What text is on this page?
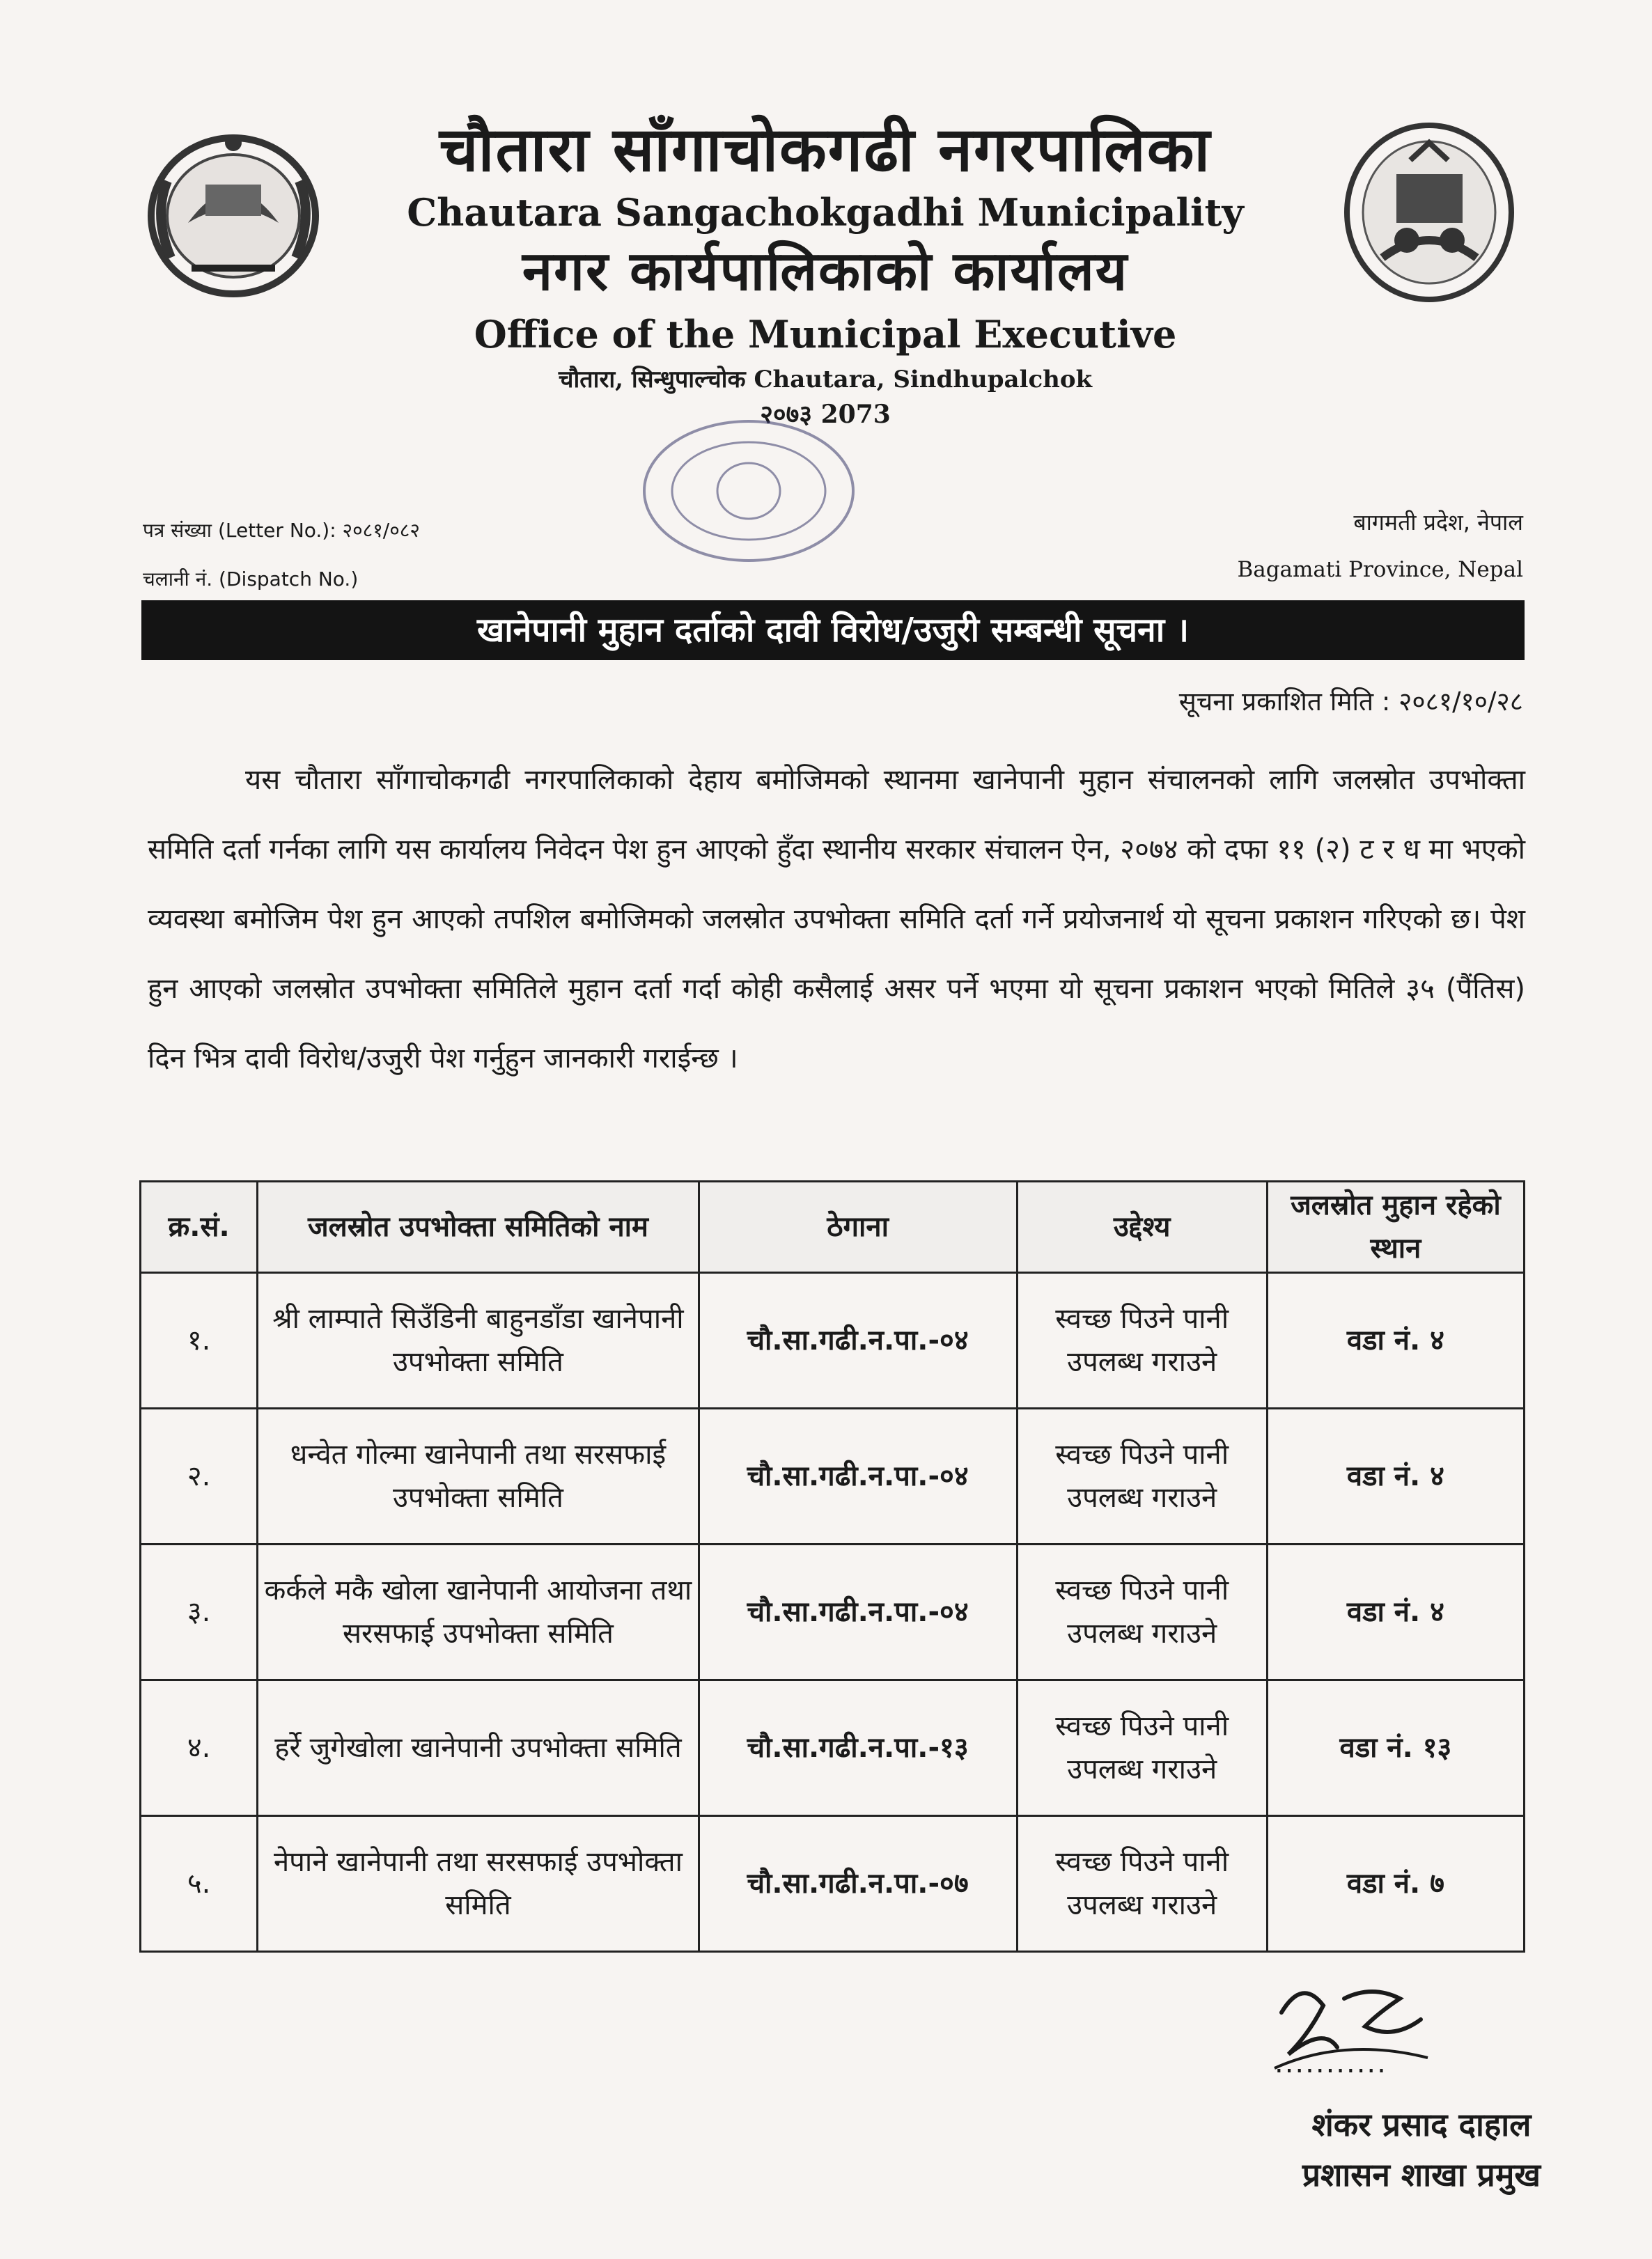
चौतारा साँगाचोकगढी नगरपालिका
Chautara Sangachokgadhi Municipality
नगर कार्यपालिकाको कार्यालय
Office of the Municipal Executive
चौतारा, सिन्धुपाल्चोक Chautara, Sindhupalchok
२०७३ 2073
पत्र संख्या (Letter No.): २०८१/०८२
चलानी नं. (Dispatch No.)
बागमती प्रदेश, नेपाल
Bagamati Province, Nepal
खानेपानी मुहान दर्ताको दावी विरोध/उजुरी सम्बन्धी सूचना ।
सूचना प्रकाशित मिति : २०८१/१०/२८
यस चौतारा साँगाचोकगढी नगरपालिकाको देहाय बमोजिमको स्थानमा खानेपानी मुहान संचालनको लागि जलस्रोत उपभोक्ता समिति दर्ता गर्नका लागि यस कार्यालय निवेदन पेश हुन आएको हुँदा स्थानीय सरकार संचालन ऐन, २०७४ को दफा ११ (२) ट र ध मा भएको व्यवस्था बमोजिम पेश हुन आएको तपशिल बमोजिमको जलस्रोत उपभोक्ता समिति दर्ता गर्ने प्रयोजनार्थ यो सूचना प्रकाशन गरिएको छ। पेश हुन आएको जलस्रोत उपभोक्ता समितिले मुहान दर्ता गर्दा कोही कसैलाई असर पर्ने भएमा यो सूचना प्रकाशन भएको मितिले ३५ (पैंतिस) दिन भित्र दावी विरोध/उजुरी पेश गर्नुहुन जानकारी गराईन्छ ।
क्र.सं.	जलस्रोत उपभोक्ता समितिको नाम	ठेगाना	उद्देश्य	जलस्रोत मुहान रहेको स्थान
१.	श्री लाम्पाते सिउँडिनी बाहुनडाँडा खानेपानी उपभोक्ता समिति	चौ.सा.गढी.न.पा.-०४	स्वच्छ पिउने पानी उपलब्ध गराउने	वडा नं. ४
२.	धन्वेत गोल्मा खानेपानी तथा सरसफाई उपभोक्ता समिति	चौ.सा.गढी.न.पा.-०४	स्वच्छ पिउने पानी उपलब्ध गराउने	वडा नं. ४
३.	कर्कले मकै खोला खानेपानी आयोजना तथा सरसफाई उपभोक्ता समिति	चौ.सा.गढी.न.पा.-०४	स्वच्छ पिउने पानी उपलब्ध गराउने	वडा नं. ४
४.	हर्रे जुगेखोला खानेपानी उपभोक्ता समिति	चौ.सा.गढी.न.पा.-१३	स्वच्छ पिउने पानी उपलब्ध गराउने	वडा नं. १३
५.	नेपाने खानेपानी तथा सरसफाई उपभोक्ता समिति	चौ.सा.गढी.न.पा.-०७	स्वच्छ पिउने पानी उपलब्ध गराउने	वडा नं. ७
...........
शंकर प्रसाद दाहाल
प्रशासन शाखा प्रमुख
